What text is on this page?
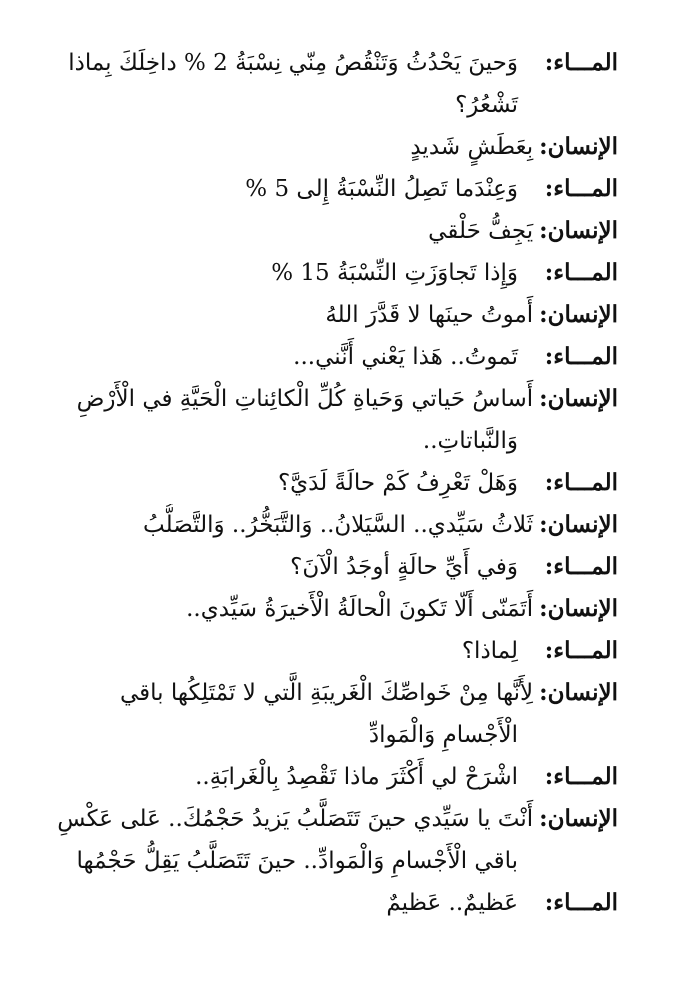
المـــاء:وَحينَ يَحْدُثُ وَتَنْقُصُ مِنّي نِسْبَةُ 2 % داخِلَكَ بِماذا
تَشْعُرُ؟
الإنسان:بِعَطَشٍ شَديدٍ
المـــاء:وَعِنْدَما تَصِلُ النِّسْبَةُ إِلى 5 %
الإنسان:يَجِفُّ حَلْقي
المـــاء:وَإِذا تَجاوَزَتِ النِّسْبَةُ 15 %
الإنسان:أَموتُ حينَها لا قَدَّرَ اللهُ
المـــاء:تَموتُ.. هَذا يَعْني أَنَّني...
الإنسان:أَساسُ حَياتي وَحَياةِ كُلِّ الْكائِناتِ الْحَيَّةِ في الْأَرْضِ
وَالنَّباتاتِ..
المـــاء:وَهَلْ تَعْرِفُ كَمْ حالَةً لَدَيَّ؟
الإنسان:ثَلاثُ سَيِّدي.. السَّيَلانُ.. وَالتَّبَخُّرُ.. وَالتَّصَلُّبُ
المـــاء:وَفي أَيِّ حالَةٍ أوجَدُ الْآنَ؟
الإنسان:أَتَمَنّى أَلّا تَكونَ الْحالَةُ الْأَخيرَةُ سَيِّدي..
المـــاء:لِماذا؟
الإنسان:لِأَنَّها مِنْ خَواصِّكَ الْغَريبَةِ الَّتي لا تَمْتَلِكُها باقي
الْأَجْسامِ وَالْمَوادِّ
المـــاء:اشْرَحْ لي أَكْثَرَ ماذا تَقْصِدُ بِالْغَرابَةِ..
الإنسان:أَنْتَ يا سَيِّدي حينَ تَتَصَلَّبُ يَزيدُ حَجْمُكَ.. عَلى عَكْسِ
باقي الْأَجْسامِ وَالْمَوادِّ.. حينَ تَتَصَلَّبُ يَقِلُّ حَجْمُها
المـــاء:عَظيمٌ.. عَظيمٌ
